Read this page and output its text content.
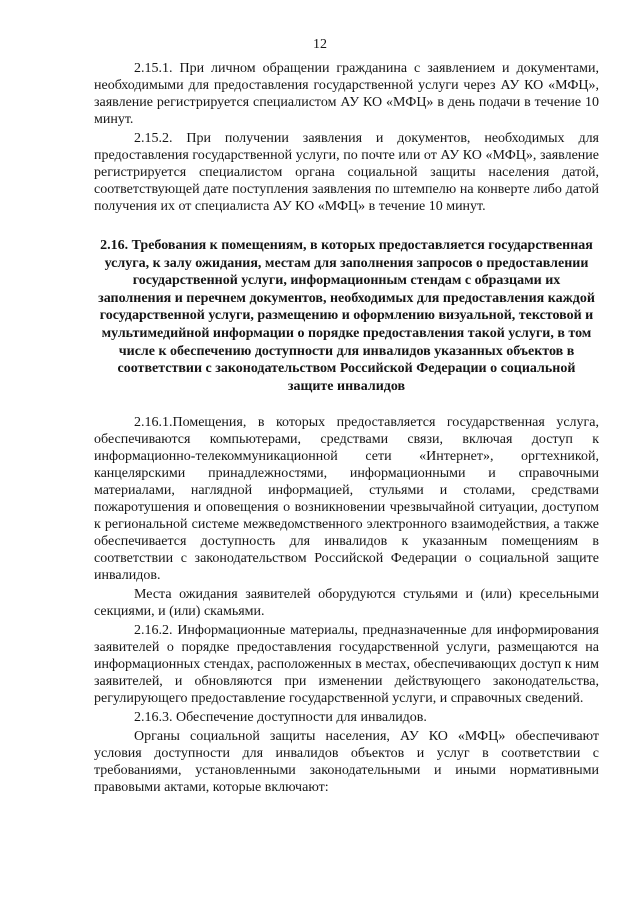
12

2.15.1. При личном обращении гражданина с заявлением и документами, необходимыми для предоставления государственной услуги через АУ КО «МФЦ», заявление регистрируется специалистом АУ КО «МФЦ» в день подачи в течение 10 минут.

2.15.2. При получении заявления и документов, необходимых для предоставления государственной услуги, по почте или от АУ КО «МФЦ», заявление регистрируется специалистом органа социальной защиты населения датой, соответствующей дате поступления заявления по штемпелю на конверте либо датой получения их от специалиста АУ КО «МФЦ» в течение 10 минут.

2.16. Требования к помещениям, в которых предоставляется государственная услуга, к залу ожидания, местам для заполнения запросов о предоставлении государственной услуги, информационным стендам с образцами их заполнения и перечнем документов, необходимых для предоставления каждой государственной услуги, размещению и оформлению визуальной, текстовой и мультимедийной информации о порядке предоставления такой услуги, в том числе к обеспечению доступности для инвалидов указанных объектов в соответствии с законодательством Российской Федерации о социальной защите инвалидов

2.16.1.Помещения, в которых предоставляется государственная услуга, обеспечиваются компьютерами, средствами связи, включая доступ к информационно-телекоммуникационной сети «Интернет», оргтехникой, канцелярскими принадлежностями, информационными и справочными материалами, наглядной информацией, стульями и столами, средствами пожаротушения и оповещения о возникновении чрезвычайной ситуации, доступом к региональной системе межведомственного электронного взаимодействия, а также обеспечивается доступность для инвалидов к указанным помещениям в соответствии с законодательством Российской Федерации о социальной защите инвалидов.

Места ожидания заявителей оборудуются стульями и (или) кресельными секциями, и (или) скамьями.

2.16.2. Информационные материалы, предназначенные для информирования заявителей о порядке предоставления государственной услуги, размещаются на информационных стендах, расположенных в местах, обеспечивающих доступ к ним заявителей, и обновляются при изменении действующего законодательства, регулирующего предоставление государственной услуги, и справочных сведений.

2.16.3. Обеспечение доступности для инвалидов.

Органы социальной защиты населения, АУ КО «МФЦ» обеспечивают условия доступности для инвалидов объектов и услуг в соответствии с требованиями, установленными законодательными и иными нормативными правовыми актами, которые включают:
